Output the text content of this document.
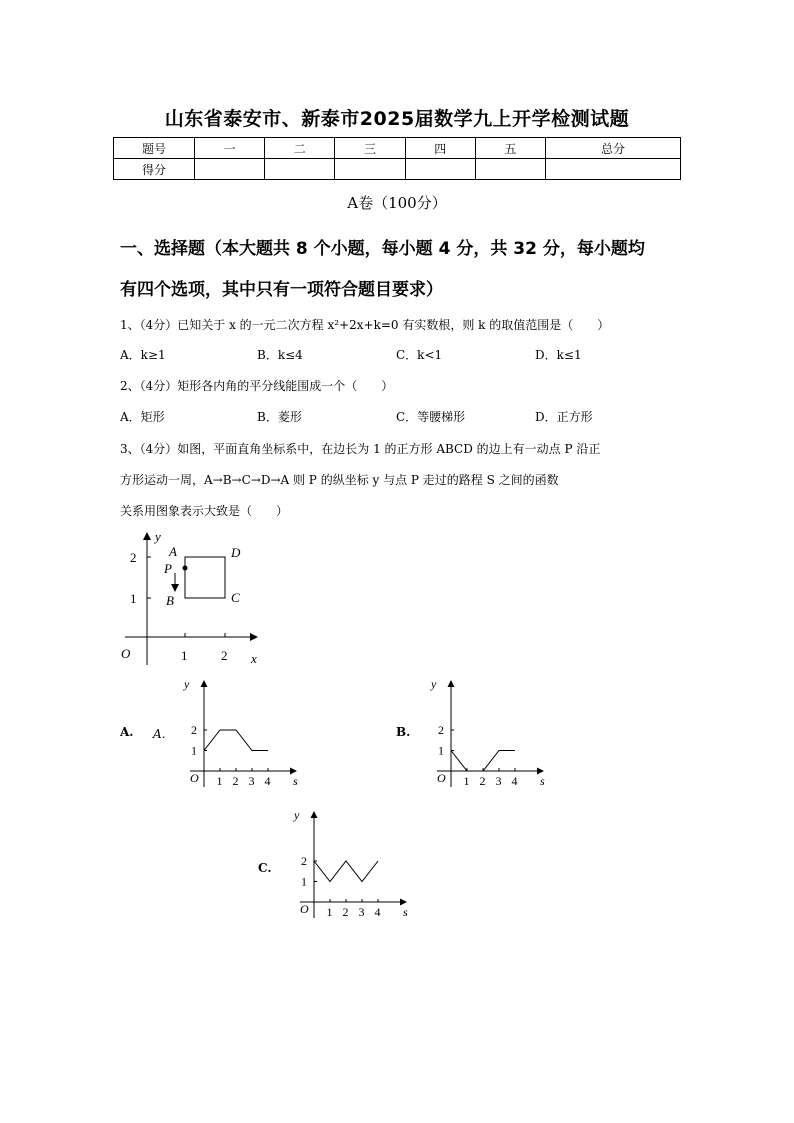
山东省泰安市、新泰市2025届数学九上开学检测试题
题号	一	二	三	四	五	总分
得分						
A卷（100分）
一、选择题（本大题共 8 个小题，每小题 4 分，共 32 分，每小题均
有四个选项，其中只有一项符合题目要求）
1、（4分）已知关于 x 的一元二次方程 x²+2x+k=0 有实数根，则 k 的取值范围是（　　）
A．k≥1	B．k≤4	C．k<1	D．k≤1
2、（4分）矩形各内角的平分线能围成一个（　　）
A．矩形	B．菱形	C．等腰梯形	D．正方形
3、（4分）如图，平面直角坐标系中，在边长为 1 的正方形 ABCD 的边上有一动点 P 沿正
方形运动一周，A→B→C→D→A 则 P 的纵坐标 y 与点 P 走过的路程 S 之间的函数
关系用图象表示大致是（　　）
y
x
O	1	2
1
2	A
B	C
D
P
A. A．	B.
C.
y
s
O 1 2 3 4
1
2
y
s
O 1 2 3 4
1
2
y
s
O 1 2 3 4
1
2
